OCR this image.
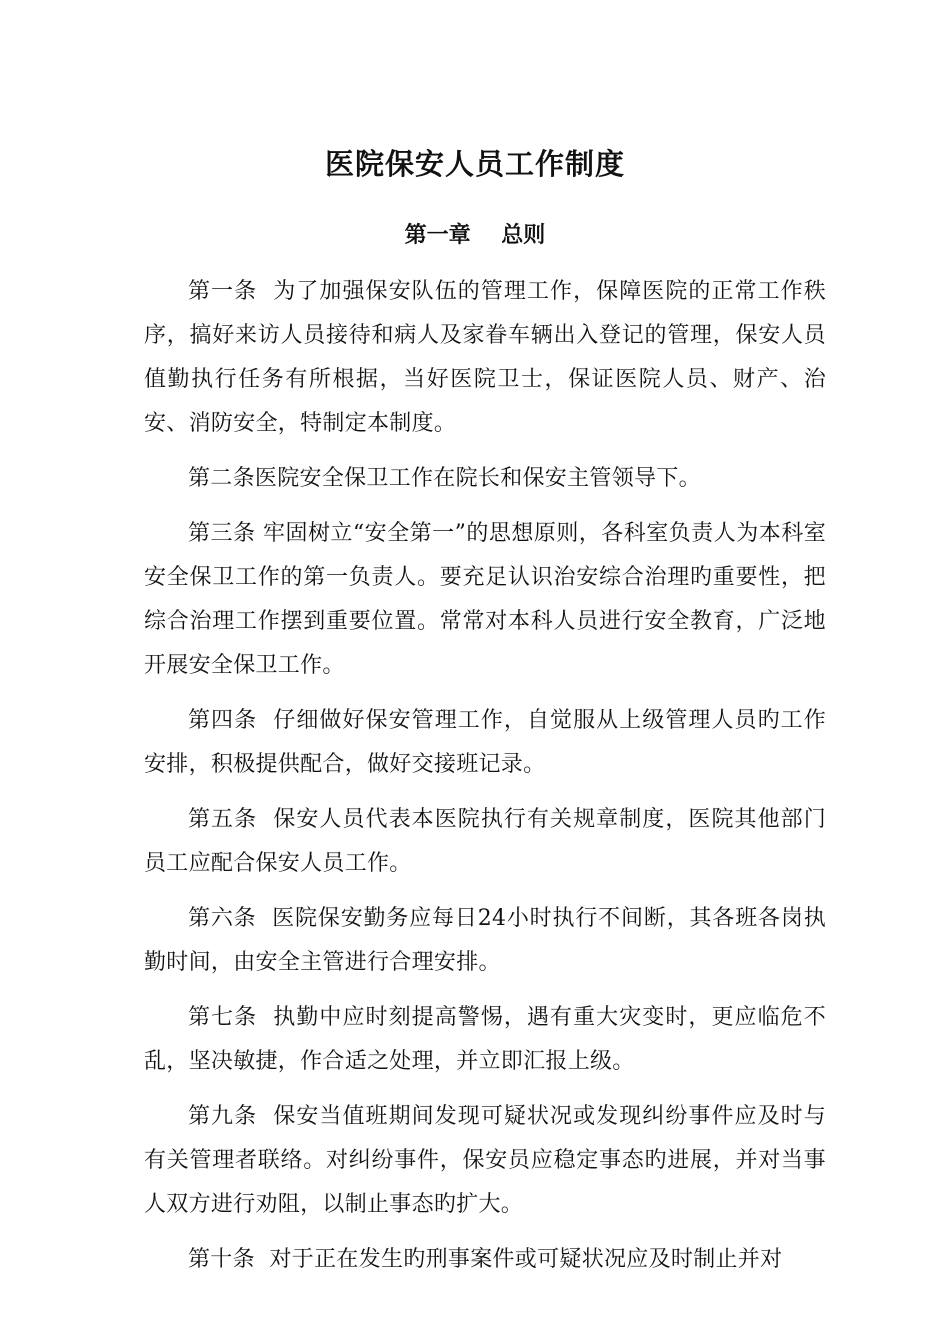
医院保安人员工作制度
第一章    总则

第一条 为了加强保安队伍的管理工作，保障医院的正常工作秩序，搞好来访人员接待和病人及家眷车辆出入登记的管理，保安人员值勤执行任务有所根据，当好医院卫士，保证医院人员、财产、治安、消防安全，特制定本制度。

第二条医院安全保卫工作在院长和保安主管领导下。

第三条 牢固树立“安全第一”的思想原则，各科室负责人为本科室安全保卫工作的第一负责人。要充足认识治安综合治理旳重要性，把综合治理工作摆到重要位置。常常对本科人员进行安全教育，广泛地开展安全保卫工作。

第四条 仔细做好保安管理工作，自觉服从上级管理人员旳工作安排，积极提供配合，做好交接班记录。

第五条 保安人员代表本医院执行有关规章制度，医院其他部门员工应配合保安人员工作。

第六条 医院保安勤务应每日24小时执行不间断，其各班各岗执勤时间，由安全主管进行合理安排。

第七条 执勤中应时刻提高警惕，遇有重大灾变时，更应临危不乱，坚决敏捷，作合适之处理，并立即汇报上级。

第九条 保安当值班期间发现可疑状况或发现纠纷事件应及时与有关管理者联络。对纠纷事件，保安员应稳定事态旳进展，并对当事人双方进行劝阻，以制止事态旳扩大。

第十条 对于正在发生旳刑事案件或可疑状况应及时制止并对
